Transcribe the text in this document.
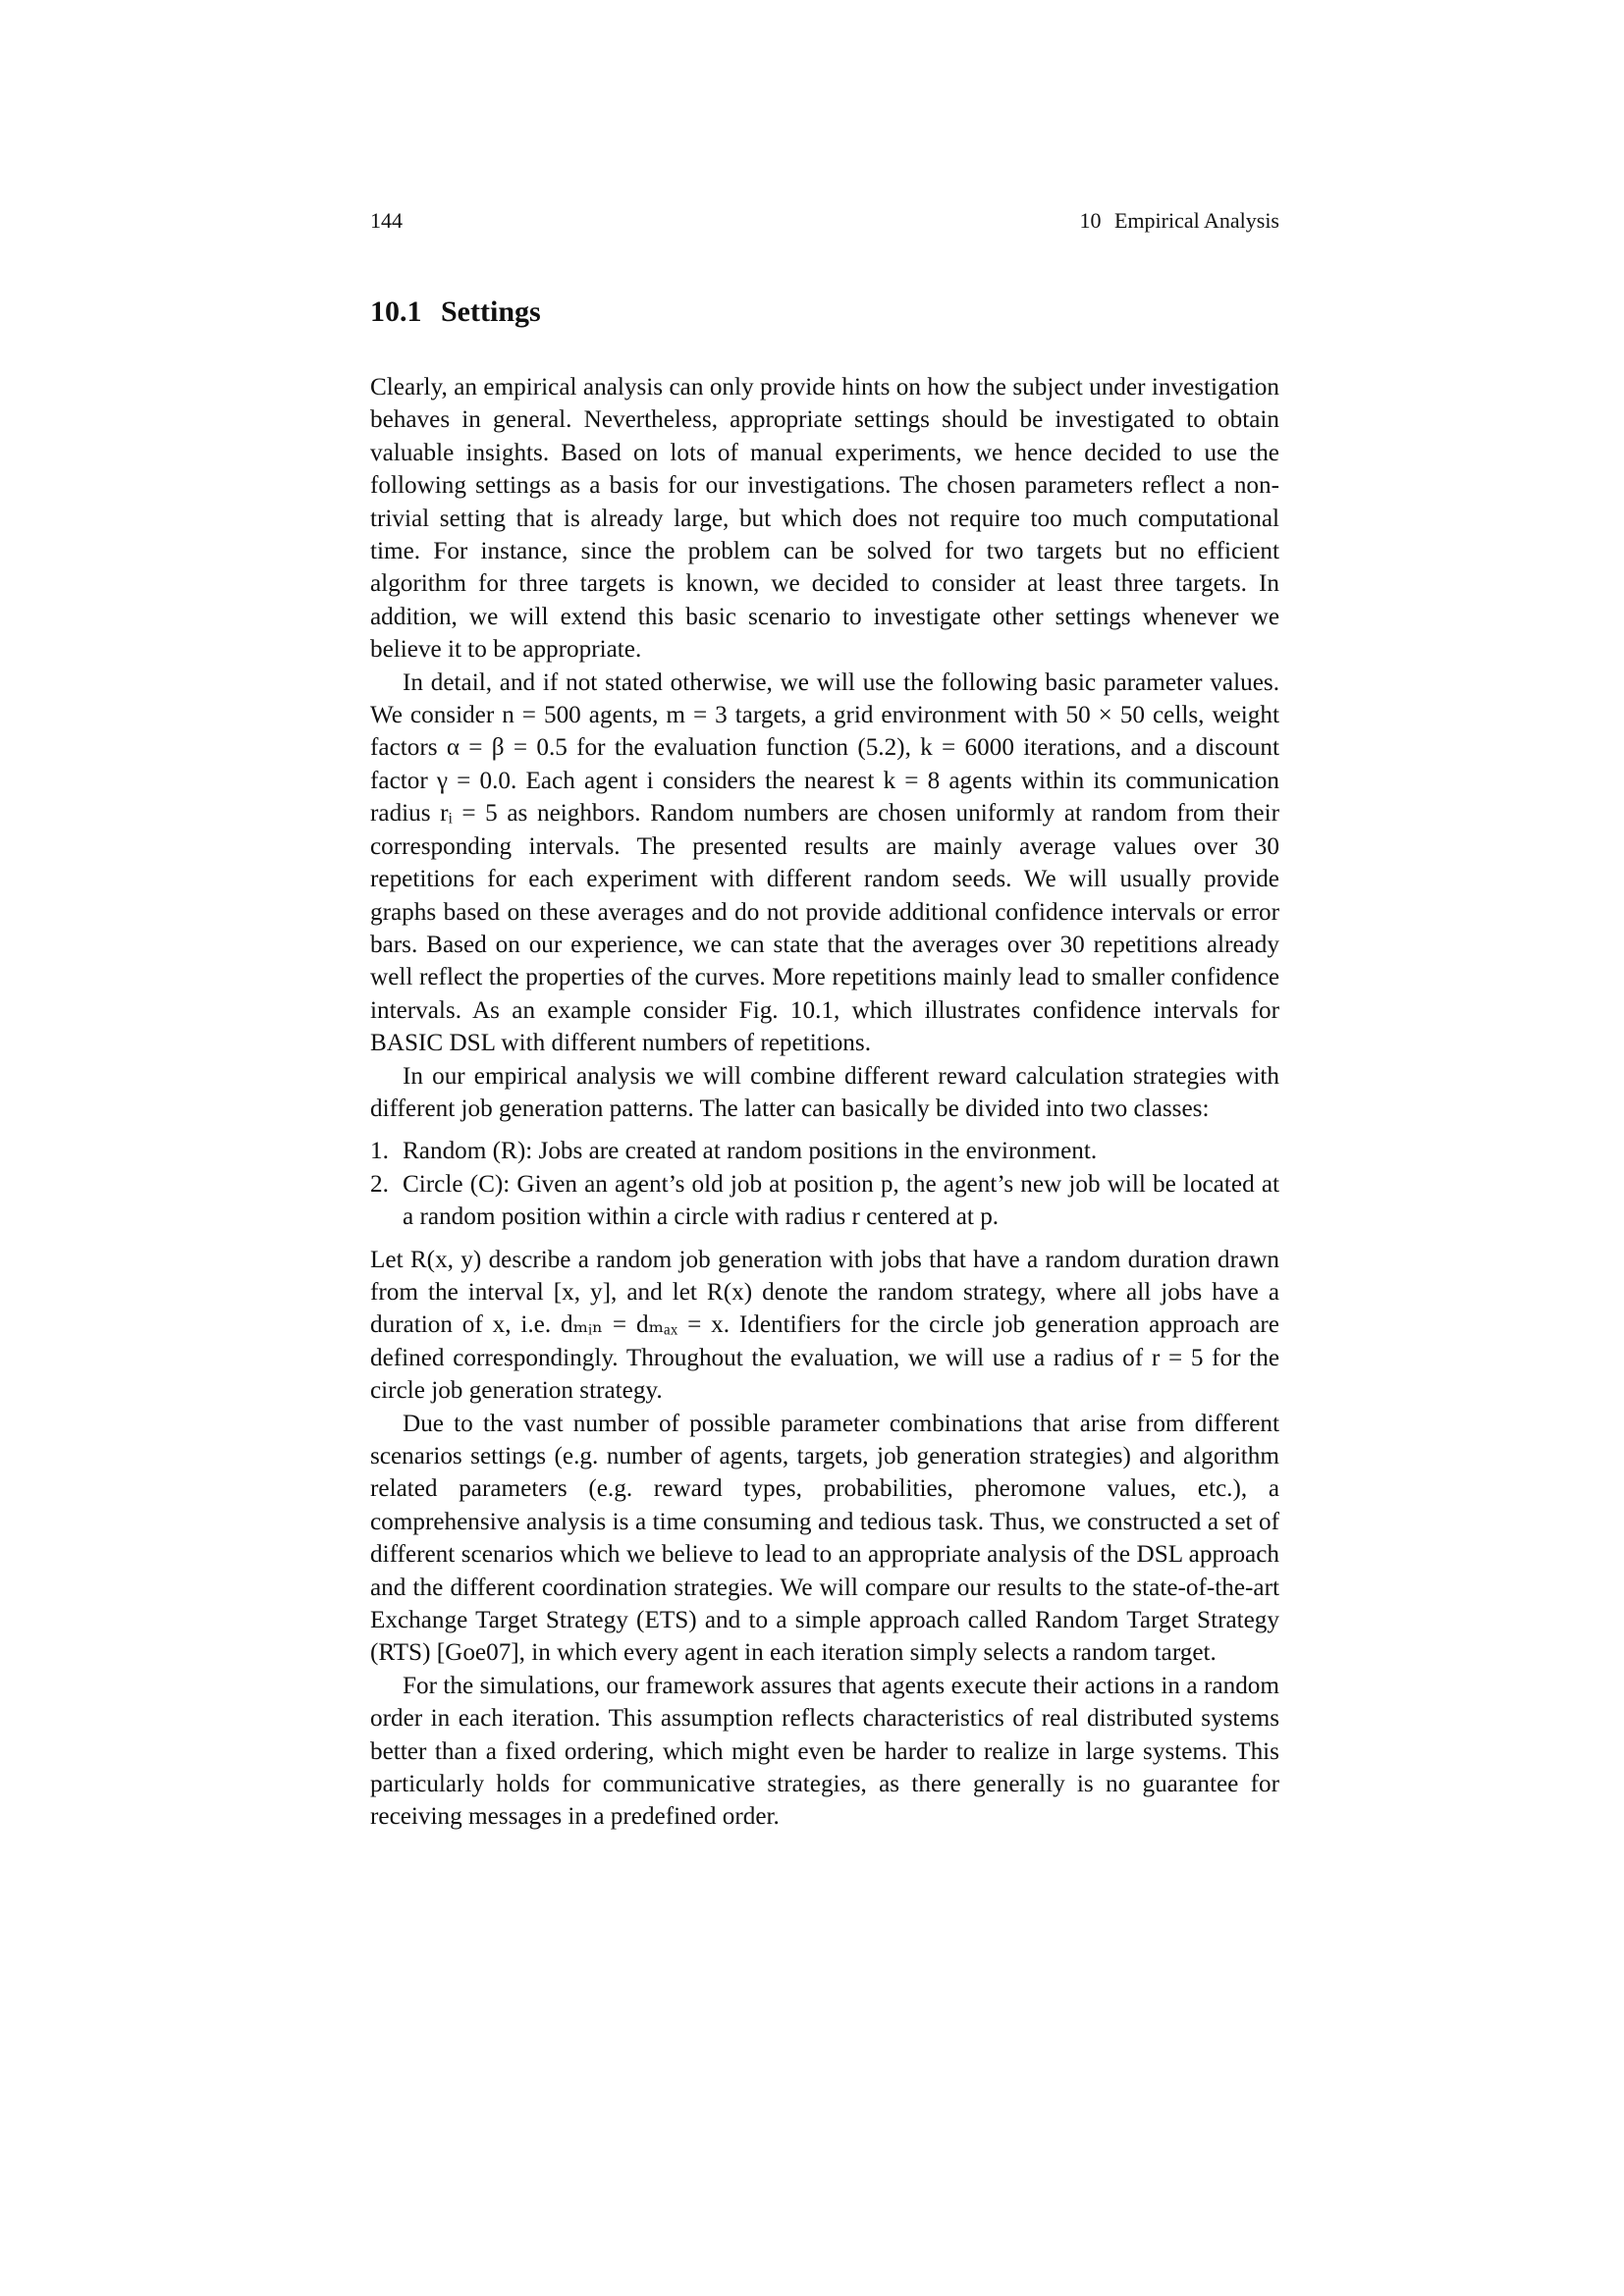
144	10 Empirical Analysis
10.1 Settings

Clearly, an empirical analysis can only provide hints on how the subject under investigation behaves in general. Nevertheless, appropriate settings should be investigated to obtain valuable insights. Based on lots of manual experiments, we hence decided to use the following settings as a basis for our investigations. The chosen parameters reflect a non-trivial setting that is already large, but which does not require too much computational time. For instance, since the problem can be solved for two targets but no efficient algorithm for three targets is known, we decided to consider at least three targets. In addition, we will extend this basic scenario to investigate other settings whenever we believe it to be appropriate.

In detail, and if not stated otherwise, we will use the following basic parameter values. We consider n = 500 agents, m = 3 targets, a grid environment with 50 × 50 cells, weight factors α = β = 0.5 for the evaluation function (5.2), k = 6000 iterations, and a discount factor γ = 0.0. Each agent i considers the nearest k = 8 agents within its communication radius rᵢ = 5 as neighbors. Random numbers are chosen uniformly at random from their corresponding intervals. The presented results are mainly average values over 30 repetitions for each experiment with different random seeds. We will usually provide graphs based on these averages and do not provide additional confidence intervals or error bars. Based on our experience, we can state that the averages over 30 repetitions already well reflect the properties of the curves. More repetitions mainly lead to smaller confidence intervals. As an example consider Fig. 10.1, which illustrates confidence intervals for BASIC DSL with different numbers of repetitions.

In our empirical analysis we will combine different reward calculation strategies with different job generation patterns. The latter can basically be divided into two classes:

1. Random (R): Jobs are created at random positions in the environment.
2. Circle (C): Given an agent’s old job at position p, the agent’s new job will be located at a random position within a circle with radius r centered at p.

Let R(x, y) describe a random job generation with jobs that have a random duration drawn from the interval [x, y], and let R(x) denote the random strategy, where all jobs have a duration of x, i.e. dₘᵢₙ = dₘₐₓ = x. Identifiers for the circle job generation approach are defined correspondingly. Throughout the evaluation, we will use a radius of r = 5 for the circle job generation strategy.

Due to the vast number of possible parameter combinations that arise from different scenarios settings (e.g. number of agents, targets, job generation strategies) and algorithm related parameters (e.g. reward types, probabilities, pheromone values, etc.), a comprehensive analysis is a time consuming and tedious task. Thus, we constructed a set of different scenarios which we believe to lead to an appropriate analysis of the DSL approach and the different coordination strategies. We will compare our results to the state-of-the-art Exchange Target Strategy (ETS) and to a simple approach called Random Target Strategy (RTS) [Goe07], in which every agent in each iteration simply selects a random target.

For the simulations, our framework assures that agents execute their actions in a random order in each iteration. This assumption reflects characteristics of real distributed systems better than a fixed ordering, which might even be harder to realize in large systems. This particularly holds for communicative strategies, as there generally is no guarantee for receiving messages in a predefined order.
